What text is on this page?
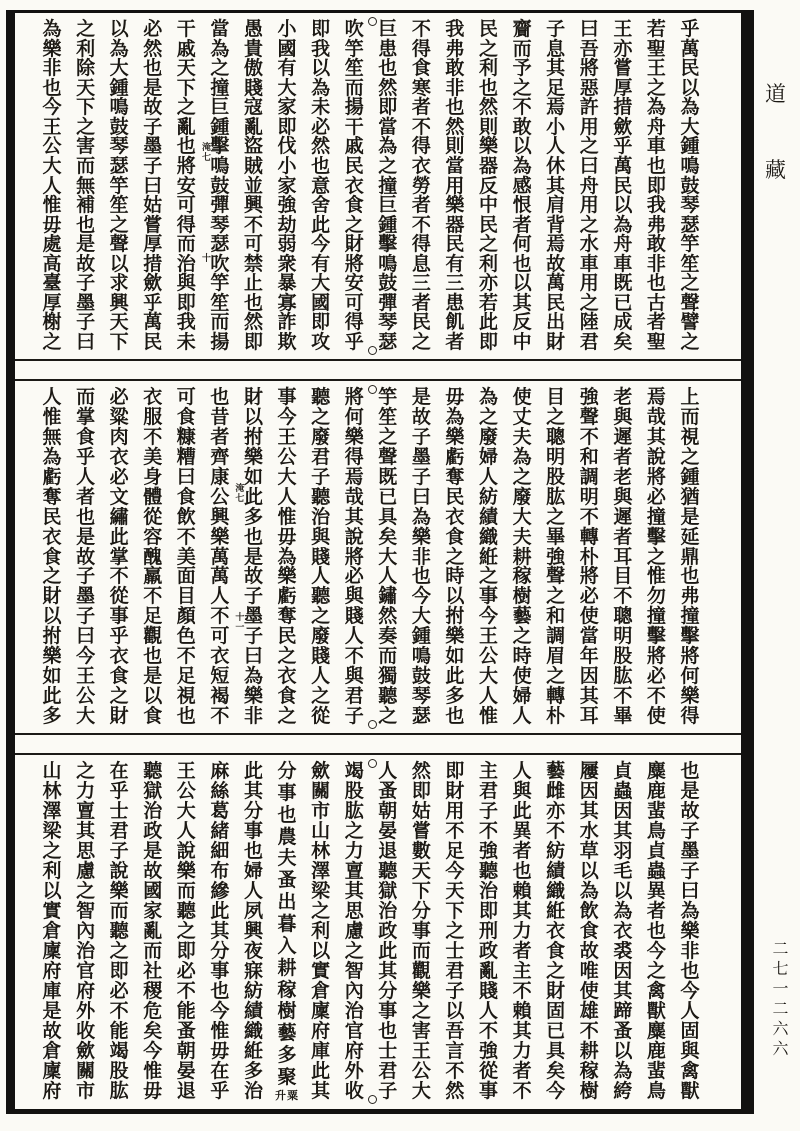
乎
萬
民
以
為
大
鍾
鳴
鼓
琴
瑟
竽
笙
之
聲
譬
之
若
聖
王
之
為
舟
車
也
即
我
弗
敢
非
也
古
者
聖
王
亦
嘗
厚
措
歛
乎
萬
民
以
為
舟
車
既
已
成
矣
曰
吾
將
惡
許
用
之
曰
舟
用
之
水
車
用
之
陸
君
子
息
其
足
焉
小
人
休
其
肩
背
焉
故
萬
民
出
財
齎
而
予
之
不
敢
以
為
感
恨
者
何
也
以
其
反
中
民
之
利
也
然
則
樂
器
反
中
民
之
利
亦
若
此
即
我
弗
敢
非
也
然
則
當
用
樂
器
民
有
三
患
飢
者
不
得
食
寒
者
不
得
衣
勞
者
不
得
息
三
者
民
之
巨
患
也
然
即
當
為
之
撞
巨
鍾
擊
鳴
鼓
彈
琴
瑟
吹
竽
笙
而
揚
干
戚
民
衣
食
之
財
將
安
可
得
乎
即
我
以
為
未
必
然
也
意
舍
此
今
有
大
國
即
攻
小
國
有
大
家
即
伐
小
家
強
劫
弱
衆
暴
寡
詐
欺
愚
貴
傲
賤
寇
亂
盜
賊
並
興
不
可
禁
止
也
然
即
當
為
之
撞
巨
鍾
擊
鳴
鼓
彈
琴
瑟
吹
竽
笙
而
揚
干
戚
天
下
之
亂
也
將
安
可
得
而
治
與
即
我
未
必
然
也
是
故
子
墨
子
曰
姑
嘗
厚
措
歛
乎
萬
民
以
為
大
鍾
鳴
鼓
琴
瑟
竽
笙
之
聲
以
求
興
天
下
之
利
除
天
下
之
害
而
無
補
也
是
故
子
墨
子
曰
為
樂
非
也
今
王
公
大
人
惟
毋
處
高
臺
厚
榭
之
淹
七
十
上
而
視
之
鍾
猶
是
延
鼎
也
弗
撞
擊
將
何
樂
得
焉
哉
其
說
將
必
撞
擊
之
惟
勿
撞
擊
將
必
不
使
老
與
遲
者
老
與
遲
者
耳
目
不
聰
明
股
肱
不
畢
強
聲
不
和
調
明
不
轉
朴
將
必
使
當
年
因
其
耳
目
之
聰
明
股
肱
之
畢
強
聲
之
和
調
眉
之
轉
朴
使
丈
夫
為
之
廢
大
夫
耕
稼
樹
藝
之
時
使
婦
人
為
之
廢
婦
人
紡
績
織
絍
之
事
今
王
公
大
人
惟
毋
為
樂
虧
奪
民
衣
食
之
時
以
拊
樂
如
此
多
也
是
故
子
墨
子
曰
為
樂
非
也
今
大
鍾
鳴
鼓
琴
瑟
竽
笙
之
聲
既
已
具
矣
大
人
鏽
然
奏
而
獨
聽
之
將
何
樂
得
焉
哉
其
說
將
必
與
賤
人
不
與
君
子
聽
之
廢
君
子
聽
治
與
賤
人
聽
之
廢
賤
人
之
從
事
今
王
公
大
人
惟
毋
為
樂
虧
奪
民
之
衣
食
之
財
以
拊
樂
如
此
多
也
是
故
子
墨
子
曰
為
樂
非
也
昔
者
齊
康
公
興
樂
萬
萬
人
不
可
衣
短
褐
不
可
食
糠
糟
曰
食
飲
不
美
面
目
顏
色
不
足
視
也
衣
服
不
美
身
體
從
容
醜
羸
不
足
觀
也
是
以
食
必
粱
肉
衣
必
文
繡
此
掌
不
從
事
乎
衣
食
之
財
而
掌
食
乎
人
者
也
是
故
子
墨
子
曰
今
王
公
大
人
惟
無
為
虧
奪
民
衣
食
之
財
以
拊
樂
如
此
多
淹
七
十
一
也
是
故
子
墨
子
曰
為
樂
非
也
今
人
固
與
禽
獸
麋
鹿
蜚
鳥
貞
蟲
異
者
也
今
之
禽
獸
麋
鹿
蜚
鳥
貞
蟲
因
其
羽
毛
以
為
衣
裘
因
其
蹄
蚤
以
為
絝
屨
因
其
水
草
以
為
飲
食
故
唯
使
雄
不
耕
稼
樹
藝
雌
亦
不
紡
績
織
絍
衣
食
之
財
固
已
具
矣
今
人
與
此
異
者
也
賴
其
力
者
主
不
賴
其
力
者
不
主
君
子
不
強
聽
治
即
刑
政
亂
賤
人
不
強
從
事
即
財
用
不
足
今
天
下
之
士
君
子
以
吾
言
不
然
然
即
姑
嘗
數
天
下
分
事
而
觀
樂
之
害
王
公
大
人
蚤
朝
晏
退
聽
獄
治
政
此
其
分
事
也
士
君
子
竭
股
肱
之
力
亶
其
思
慮
之
智
內
治
官
府
外
收
歛
關
市
山
林
澤
梁
之
利
以
實
倉
廩
府
庫
此
其
分
事
也
農
夫
蚤
出
暮
入
耕
稼
樹
藝
多
聚
升粟
此
其
分
事
也
婦
人
夙
興
夜
寐
紡
績
織
絍
多
治
麻
絲
葛
緒
細
布
縿
此
其
分
事
也
今
惟
毋
在
乎
王
公
大
人
說
樂
而
聽
之
即
必
不
能
蚤
朝
晏
退
聽
獄
治
政
是
故
國
家
亂
而
社
稷
危
矣
今
惟
毋
在
乎
士
君
子
說
樂
而
聽
之
即
必
不
能
竭
股
肱
之
力
亶
其
思
慮
之
智
內
治
官
府
外
收
歛
關
市
山
林
澤
梁
之
利
以
實
倉
廩
府
庫
是
故
倉
廩
府
道
藏
二七一二六六
